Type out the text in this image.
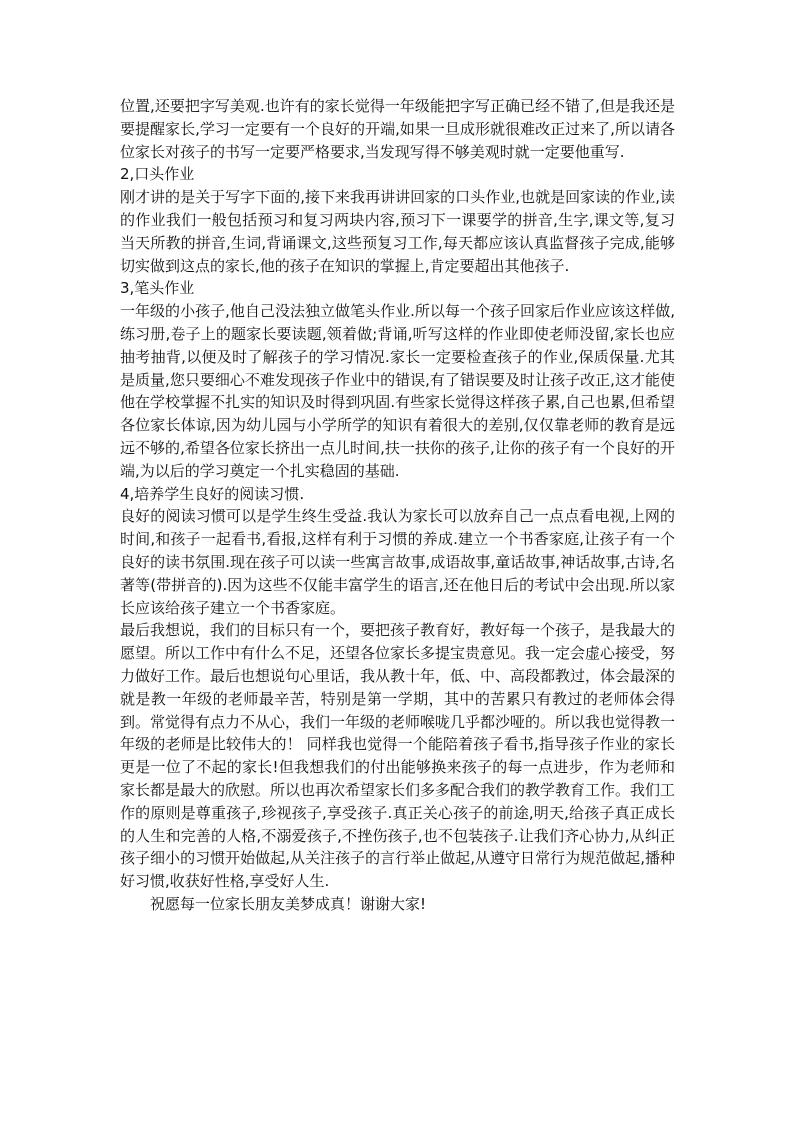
位置,还要把字写美观.也许有的家长觉得一年级能把字写正确已经不错了,但是我还是要提醒家长,学习一定要有一个良好的开端,如果一旦成形就很难改正过来了,所以请各位家长对孩子的书写一定要严格要求,当发现写得不够美观时就一定要他重写.

2,口头作业

刚才讲的是关于写字下面的,接下来我再讲讲回家的口头作业,也就是回家读的作业,读的作业我们一般包括预习和复习两块内容,预习下一课要学的拼音,生字,课文等,复习当天所教的拼音,生词,背诵课文,这些预复习工作,每天都应该认真监督孩子完成,能够切实做到这点的家长,他的孩子在知识的掌握上,肯定要超出其他孩子.

3,笔头作业

一年级的小孩子,他自己没法独立做笔头作业.所以每一个孩子回家后作业应该这样做,练习册,卷子上的题家长要读题,领着做;背诵,听写这样的作业即使老师没留,家长也应抽考抽背,以便及时了解孩子的学习情况.家长一定要检查孩子的作业,保质保量.尤其是质量,您只要细心不难发现孩子作业中的错误,有了错误要及时让孩子改正,这才能使他在学校掌握不扎实的知识及时得到巩固.有些家长觉得这样孩子累,自己也累,但希望各位家长体谅,因为幼儿园与小学所学的知识有着很大的差别,仅仅靠老师的教育是远远不够的,希望各位家长挤出一点儿时间,扶一扶你的孩子,让你的孩子有一个良好的开端,为以后的学习奠定一个扎实稳固的基础.

4,培养学生良好的阅读习惯.

良好的阅读习惯可以是学生终生受益.我认为家长可以放弃自己一点点看电视,上网的时间,和孩子一起看书,看报,这样有利于习惯的养成.建立一个书香家庭,让孩子有一个良好的读书氛围.现在孩子可以读一些寓言故事,成语故事,童话故事,神话故事,古诗,名著等(带拼音的).因为这些不仅能丰富学生的语言,还在他日后的考试中会出现.所以家长应该给孩子建立一个书香家庭。

最后我想说，我们的目标只有一个，要把孩子教育好，教好每一个孩子，是我最大的愿望。所以工作中有什么不足，还望各位家长多提宝贵意见。我一定会虚心接受，努力做好工作。最后也想说句心里话，我从教十年，低、中、高段都教过，体会最深的就是教一年级的老师最辛苦，特别是第一学期，其中的苦累只有教过的老师体会得到。常觉得有点力不从心，我们一年级的老师喉咙几乎都沙哑的。所以我也觉得教一年级的老师是比较伟大的！ 同样我也觉得一个能陪着孩子看书,指导孩子作业的家长更是一位了不起的家长!但我想我们的付出能够换来孩子的每一点进步，作为老师和家长都是最大的欣慰。所以也再次希望家长们多多配合我们的教学教育工作。我们工作的原则是尊重孩子,珍视孩子,享受孩子.真正关心孩子的前途,明天,给孩子真正成长的人生和完善的人格,不溺爱孩子,不挫伤孩子,也不包装孩子.让我们齐心协力,从纠正孩子细小的习惯开始做起,从关注孩子的言行举止做起,从遵守日常行为规范做起,播种好习惯,收获好性格,享受好人生.

祝愿每一位家长朋友美梦成真！谢谢大家!
